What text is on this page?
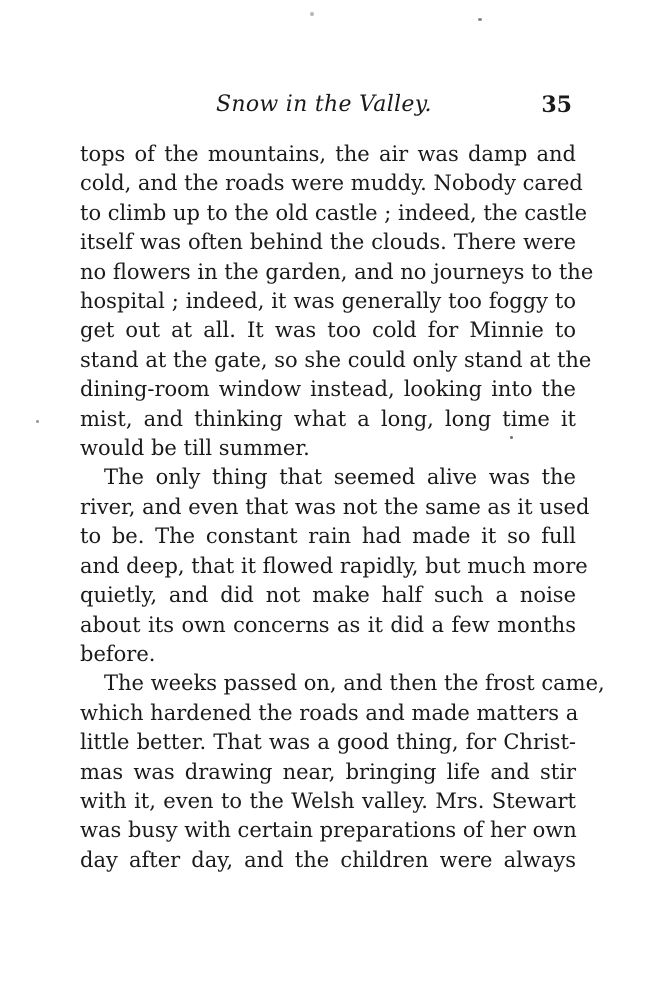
Snow in the Valley.	35

tops of the mountains, the air was damp and
cold, and the roads were muddy. Nobody cared
to climb up to the old castle ; indeed, the castle
itself was often behind the clouds. There were
no flowers in the garden, and no journeys to the
hospital ; indeed, it was generally too foggy to
get out at all. It was too cold for Minnie to
stand at the gate, so she could only stand at the
dining-room window instead, looking into the
mist, and thinking what a long, long time it
would be till summer.

The only thing that seemed alive was the
river, and even that was not the same as it used
to be. The constant rain had made it so full
and deep, that it flowed rapidly, but much more
quietly, and did not make half such a noise
about its own concerns as it did a few months
before.

The weeks passed on, and then the frost came,
which hardened the roads and made matters a
little better. That was a good thing, for Christ-
mas was drawing near, bringing life and stir
with it, even to the Welsh valley. Mrs. Stewart
was busy with certain preparations of her own
day after day, and the children were always
